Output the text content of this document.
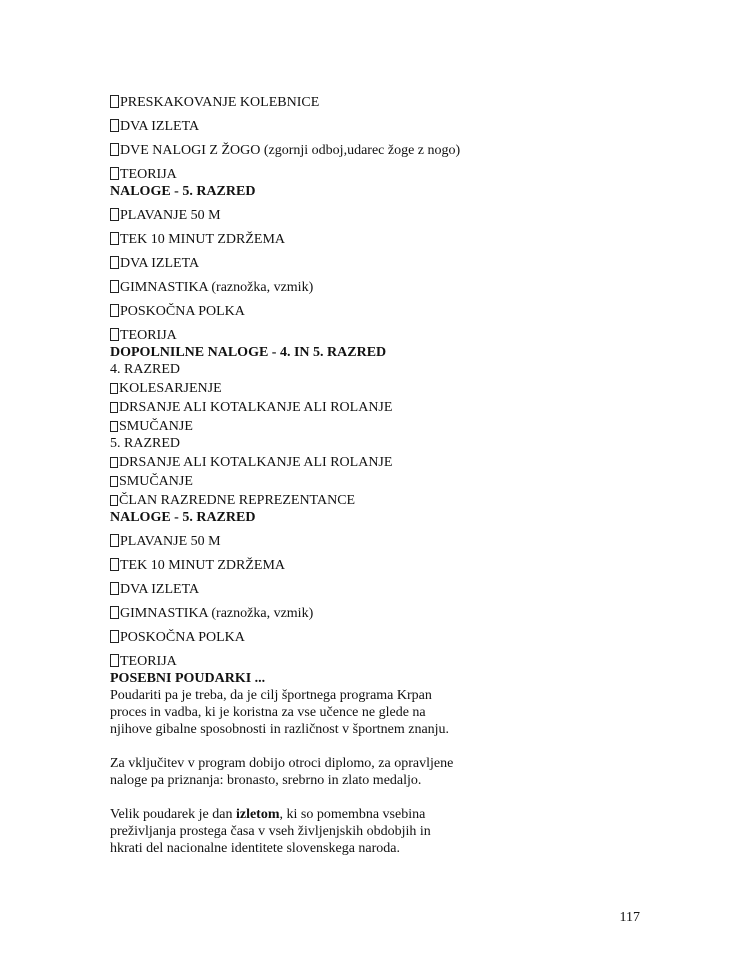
PRESKAKOVANJE KOLEBNICE
DVA IZLETA
DVE NALOGI Z ŽOGO (zgornji odboj,udarec žoge z nogo)
TEORIJA
NALOGE - 5. RAZRED
PLAVANJE 50 M
TEK 10 MINUT ZDRŽEMA
DVA IZLETA
GIMNASTIKA (raznožka, vzmik)
POSKOČNA POLKA
TEORIJA
DOPOLNILNE NALOGE - 4. IN 5. RAZRED
4. RAZRED
KOLESARJENJE
DRSANJE ALI KOTALKANJE ALI ROLANJE
SMUČANJE
5. RAZRED
DRSANJE ALI KOTALKANJE ALI ROLANJE
SMUČANJE
ČLAN RAZREDNE REPREZENTANCE
NALOGE - 5. RAZRED
PLAVANJE 50 M
TEK 10 MINUT ZDRŽEMA
DVA IZLETA
GIMNASTIKA (raznožka, vzmik)
POSKOČNA POLKA
TEORIJA
POSEBNI POUDARKI ...
Poudariti pa je treba, da je cilj športnega programa Krpan
proces in vadba, ki je koristna za vse učence ne glede na
njihove gibalne sposobnosti in različnost v športnem znanju.
Za vključitev v program dobijo otroci diplomo, za opravljene
naloge pa priznanja: bronasto, srebrno in zlato medaljo.
Velik poudarek je dan izletom, ki so pomembna vsebina
preživljanja prostega časa v vseh življenjskih obdobjih in
hkrati del nacionalne identitete slovenskega naroda.
117
